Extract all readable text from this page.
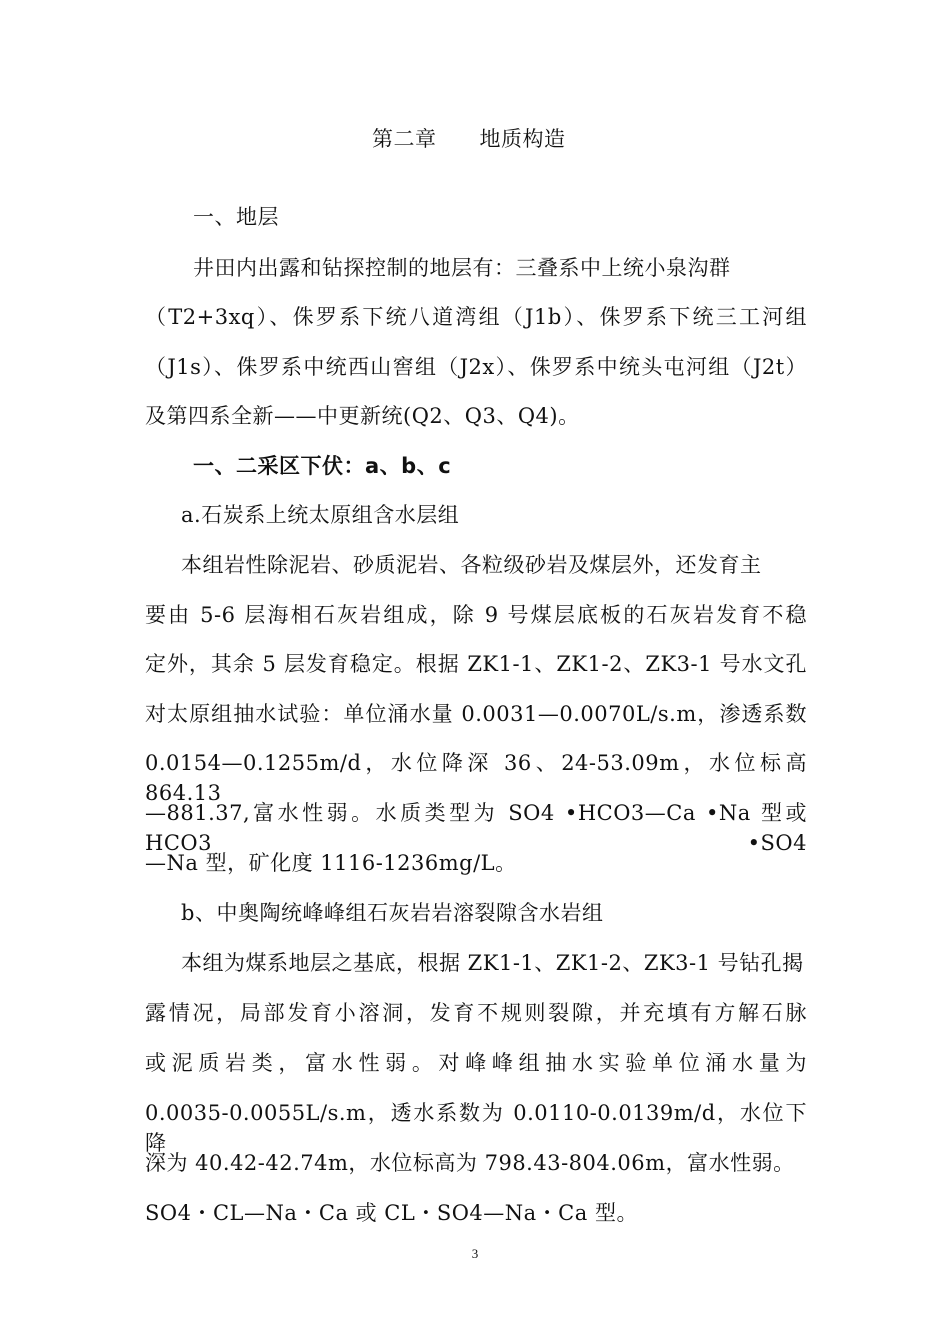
第二章　　地质构造
一、地层
井田内出露和钻探控制的地层有：三叠系中上统小泉沟群
（T2+3xq）、侏罗系下统八道湾组（J1b）、侏罗系下统三工河组
（J1s）、侏罗系中统西山窖组（J2x）、侏罗系中统头屯河组（J2t）
及第四系全新——中更新统(Q2、Q3、Q4)。
一、二采区下伏：a、b、c
a.石炭系上统太原组含水层组
本组岩性除泥岩、砂质泥岩、各粒级砂岩及煤层外，还发育主
要由 5-6 层海相石灰岩组成，除 9 号煤层底板的石灰岩发育不稳
定外，其余 5 层发育稳定。根据 ZK1-1、ZK1-2、ZK3-1 号水文孔
对太原组抽水试验：单位涌水量 0.0031—0.0070L/s.m，渗透系数
0.0154—0.1255m/d，水位降深 36、24-53.09m，水位标高 864.13
—881.37,富水性弱。水质类型为 SO4 •HCO3—Ca •Na 型或 HCO3 •SO4
—Na 型，矿化度 1116-1236mg/L。
b、中奥陶统峰峰组石灰岩岩溶裂隙含水岩组
本组为煤系地层之基底，根据 ZK1-1、ZK1-2、ZK3-1 号钻孔揭
露情况，局部发育小溶洞，发育不规则裂隙，并充填有方解石脉
或泥质岩类，富水性弱。对峰峰组抽水实验单位涌水量为
0.0035-0.0055L/s.m，透水系数为 0.0110-0.0139m/d，水位下降
深为 40.42-42.74m，水位标高为 798.43-804.06m，富水性弱。
SO4・CL—Na・Ca 或 CL・SO4—Na・Ca 型。
3
